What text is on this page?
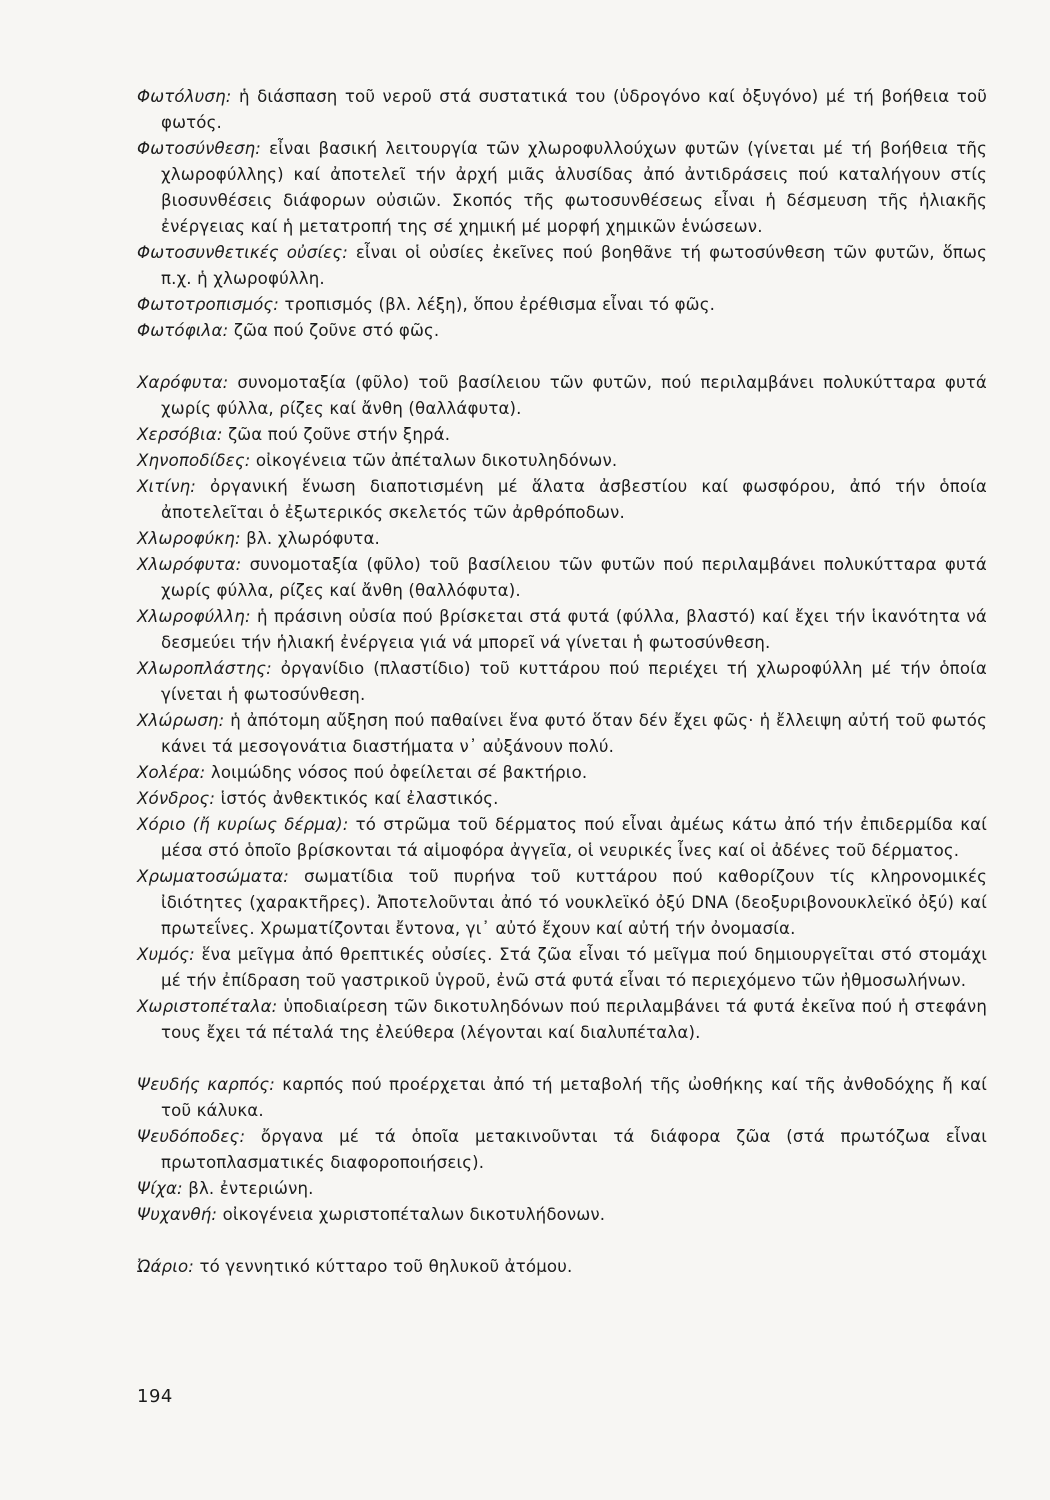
Φωτόλυση: ἡ διάσπαση τοῦ νεροῦ στά συστατικά του (ὑδρογόνο καί ὀξυγόνο) μέ τή βοήθεια τοῦ φωτός.

Φωτοσύνθεση: εἶναι βασική λειτουργία τῶν χλωροφυλλούχων φυτῶν (γίνεται μέ τή βοήθεια τῆς χλωροφύλλης) καί ἀποτελεῖ τήν ἀρχή μιᾶς ἁλυσίδας ἀπό ἀντιδράσεις πού καταλήγουν στίς βιοσυνθέσεις διάφορων οὐσιῶν. Σκοπός τῆς φωτοσυνθέσεως εἶναι ἡ δέσμευση τῆς ἡλιακῆς ἐνέργειας καί ἡ μετατροπή της σέ χημική μέ μορφή χημικῶν ἑνώσεων.

Φωτοσυνθετικές οὐσίες: εἶναι οἱ οὐσίες ἐκεῖνες πού βοηθᾶνε τή φωτοσύνθεση τῶν φυτῶν, ὅπως π.χ. ἡ χλωροφύλλη.

Φωτοτροπισμός: τροπισμός (βλ. λέξη), ὅπου ἐρέθισμα εἶναι τό φῶς.

Φωτόφιλα: ζῶα πού ζοῦνε στό φῶς.

Χαρόφυτα: συνομοταξία (φῦλο) τοῦ βασίλειου τῶν φυτῶν, πού περιλαμβάνει πολυκύτταρα φυτά χωρίς φύλλα, ρίζες καί ἄνθη (θαλλάφυτα).

Χερσόβια: ζῶα πού ζοῦνε στήν ξηρά.

Χηνοποδίδες: οἰκογένεια τῶν ἀπέταλων δικοτυληδόνων.

Χιτίνη: ὀργανική ἕνωση διαποτισμένη μέ ἅλατα ἀσβεστίου καί φωσφόρου, ἀπό τήν ὁποία ἀποτελεῖται ὁ ἐξωτερικός σκελετός τῶν ἀρθρόποδων.

Χλωροφύκη: βλ. χλωρόφυτα.

Χλωρόφυτα: συνομοταξία (φῦλο) τοῦ βασίλειου τῶν φυτῶν πού περιλαμβάνει πολυκύτταρα φυτά χωρίς φύλλα, ρίζες καί ἄνθη (θαλλόφυτα).

Χλωροφύλλη: ἡ πράσινη οὐσία πού βρίσκεται στά φυτά (φύλλα, βλαστό) καί ἔχει τήν ἱκανότητα νά δεσμεύει τήν ἡλιακή ἐνέργεια γιά νά μπορεῖ νά γίνεται ἡ φωτοσύνθεση.

Χλωροπλάστης: ὀργανίδιο (πλαστίδιο) τοῦ κυττάρου πού περιέχει τή χλωροφύλλη μέ τήν ὁποία γίνεται ἡ φωτοσύνθεση.

Χλώρωση: ἡ ἀπότομη αὔξηση πού παθαίνει ἕνα φυτό ὅταν δέν ἔχει φῶς· ἡ ἔλλειψη αὐτή τοῦ φωτός κάνει τά μεσογονάτια διαστήματα ν᾿ αὐξάνουν πολύ.

Χολέρα: λοιμώδης νόσος πού ὀφείλεται σέ βακτήριο.

Χόνδρος: ἱστός ἀνθεκτικός καί ἐλαστικός.

Χόριο (ἤ κυρίως δέρμα): τό στρῶμα τοῦ δέρματος πού εἶναι ἀμέως κάτω ἀπό τήν ἐπιδερμίδα καί μέσα στό ὁποῖο βρίσκονται τά αἱμοφόρα ἀγγεῖα, οἱ νευρικές ἶνες καί οἱ ἀδένες τοῦ δέρματος.

Χρωματοσώματα: σωματίδια τοῦ πυρήνα τοῦ κυττάρου πού καθορίζουν τίς κληρονομικές ἰδιότητες (χαρακτῆρες). Ἀποτελοῦνται ἀπό τό νουκλεϊκό ὀξύ DNA (δεοξυριβονουκλεϊκό ὀξύ) καί πρωτεΐνες. Χρωματίζονται ἔντονα, γι᾿ αὐτό ἔχουν καί αὐτή τήν ὀνομασία.

Χυμός: ἕνα μεῖγμα ἀπό θρεπτικές οὐσίες. Στά ζῶα εἶναι τό μεῖγμα πού δημιουργεῖται στό στομάχι μέ τήν ἐπίδραση τοῦ γαστρικοῦ ὑγροῦ, ἐνῶ στά φυτά εἶναι τό περιεχόμενο τῶν ἠθμοσωλήνων.

Χωριστοπέταλα: ὑποδιαίρεση τῶν δικοτυληδόνων πού περιλαμβάνει τά φυτά ἐκεῖνα πού ἡ στεφάνη τους ἔχει τά πέταλά της ἐλεύθερα (λέγονται καί διαλυπέταλα).

Ψευδής καρπός: καρπός πού προέρχεται ἀπό τή μεταβολή τῆς ὠοθήκης καί τῆς ἀνθοδόχης ἤ καί τοῦ κάλυκα.

Ψευδόποδες: ὄργανα μέ τά ὁποῖα μετακινοῦνται τά διάφορα ζῶα (στά πρωτόζωα εἶναι πρωτοπλασματικές διαφοροποιήσεις).

Ψίχα: βλ. ἐντεριώνη.

Ψυχανθή: οἰκογένεια χωριστοπέταλων δικοτυλήδονων.

Ὠάριο: τό γεννητικό κύτταρο τοῦ θηλυκοῦ ἀτόμου.

194
